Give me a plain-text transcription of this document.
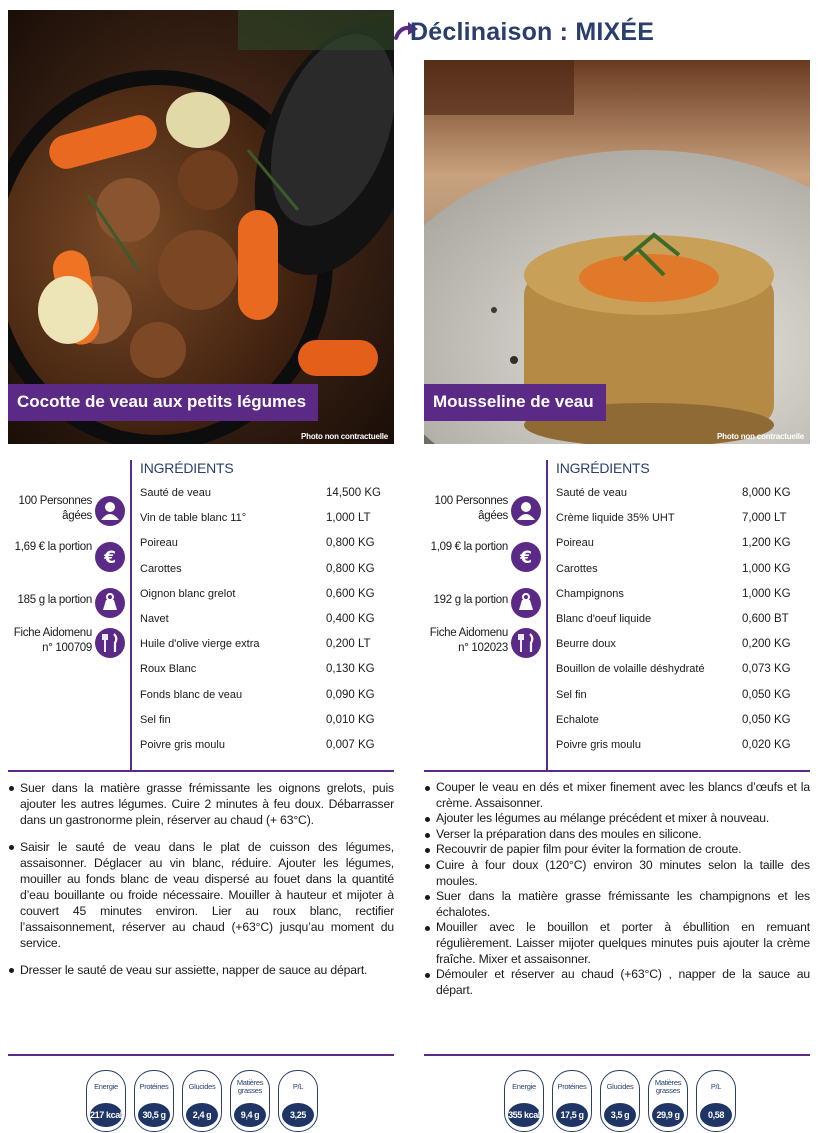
Cocotte de veau aux petits légumes
Photo non contractuelle
100 Personnes âgées
1,69 € la portion
€
185 g la portion
Fiche Aidomenu n° 100709
INGRÉDIENTS
Sauté de veau	14,500 KG
Vin de table blanc 11°	1,000 LT
Poireau	0,800 KG
Carottes	0,800 KG
Oignon blanc grelot	0,600 KG
Navet	0,400 KG
Huile d'olive vierge extra	0,200 LT
Roux Blanc	0,130 KG
Fonds blanc de veau	0,090 KG
Sel fin	0,010 KG
Poivre gris moulu	0,007 KG
Suer dans la matière grasse frémissante les oignons grelots, puis ajouter les autres légumes. Cuire 2 minutes à feu doux. Débarrasser dans un gastronorme plein, réserver au chaud (+ 63°C).
Saisir le sauté de veau dans le plat de cuisson des légumes, assaisonner. Déglacer au vin blanc, réduire. Ajouter les légumes, mouiller au fonds blanc de veau dispersé au fouet dans la quantité d’eau bouillante ou froide nécessaire. Mouiller à hauteur et mijoter à couvert 45 minutes environ. Lier au roux blanc, rectifier l’assaisonnement, réserver au chaud (+63°C) jusqu’au moment du service.
Dresser le sauté de veau sur assiette, napper de sauce au départ.
Energie
217 kcal
Protéines
30,5 g
Glucides
2,4 g
Matières grasses
9,4 g
P/L
3,25
Déclinaison : MIXÉE
Mousseline de veau
Photo non contractuelle
100 Personnes âgées
1,09 € la portion
€
192 g la portion
Fiche Aidomenu n° 102023
INGRÉDIENTS
Sauté de veau	8,000 KG
Crème liquide 35% UHT	7,000 LT
Poireau	1,200 KG
Carottes	1,000 KG
Champignons	1,000 KG
Blanc d'oeuf liquide	0,600 BT
Beurre doux	0,200 KG
Bouillon de volaille déshydraté	0,073 KG
Sel fin	0,050 KG
Echalote	0,050 KG
Poivre gris moulu	0,020 KG
Couper le veau en dés et mixer finement avec les blancs d’œufs et la crème. Assaisonner.
Ajouter les légumes au mélange précédent et mixer à nouveau.
Verser la préparation dans des moules en silicone.
Recouvrir de papier film pour éviter la formation de croute.
Cuire à four doux (120°C) environ 30 minutes selon la taille des moules.
Suer dans la matière grasse frémissante les champignons et les échalotes.
Mouiller avec le bouillon et porter à ébullition en remuant régulièrement. Laisser mijoter quelques minutes puis ajouter la crème fraîche. Mixer et assaisonner.
Démouler et réserver au chaud (+63°C) , napper de la sauce au départ.
Energie
355 kcal
Protéines
17,5 g
Glucides
3,5 g
Matières grasses
29,9 g
P/L
0,58
